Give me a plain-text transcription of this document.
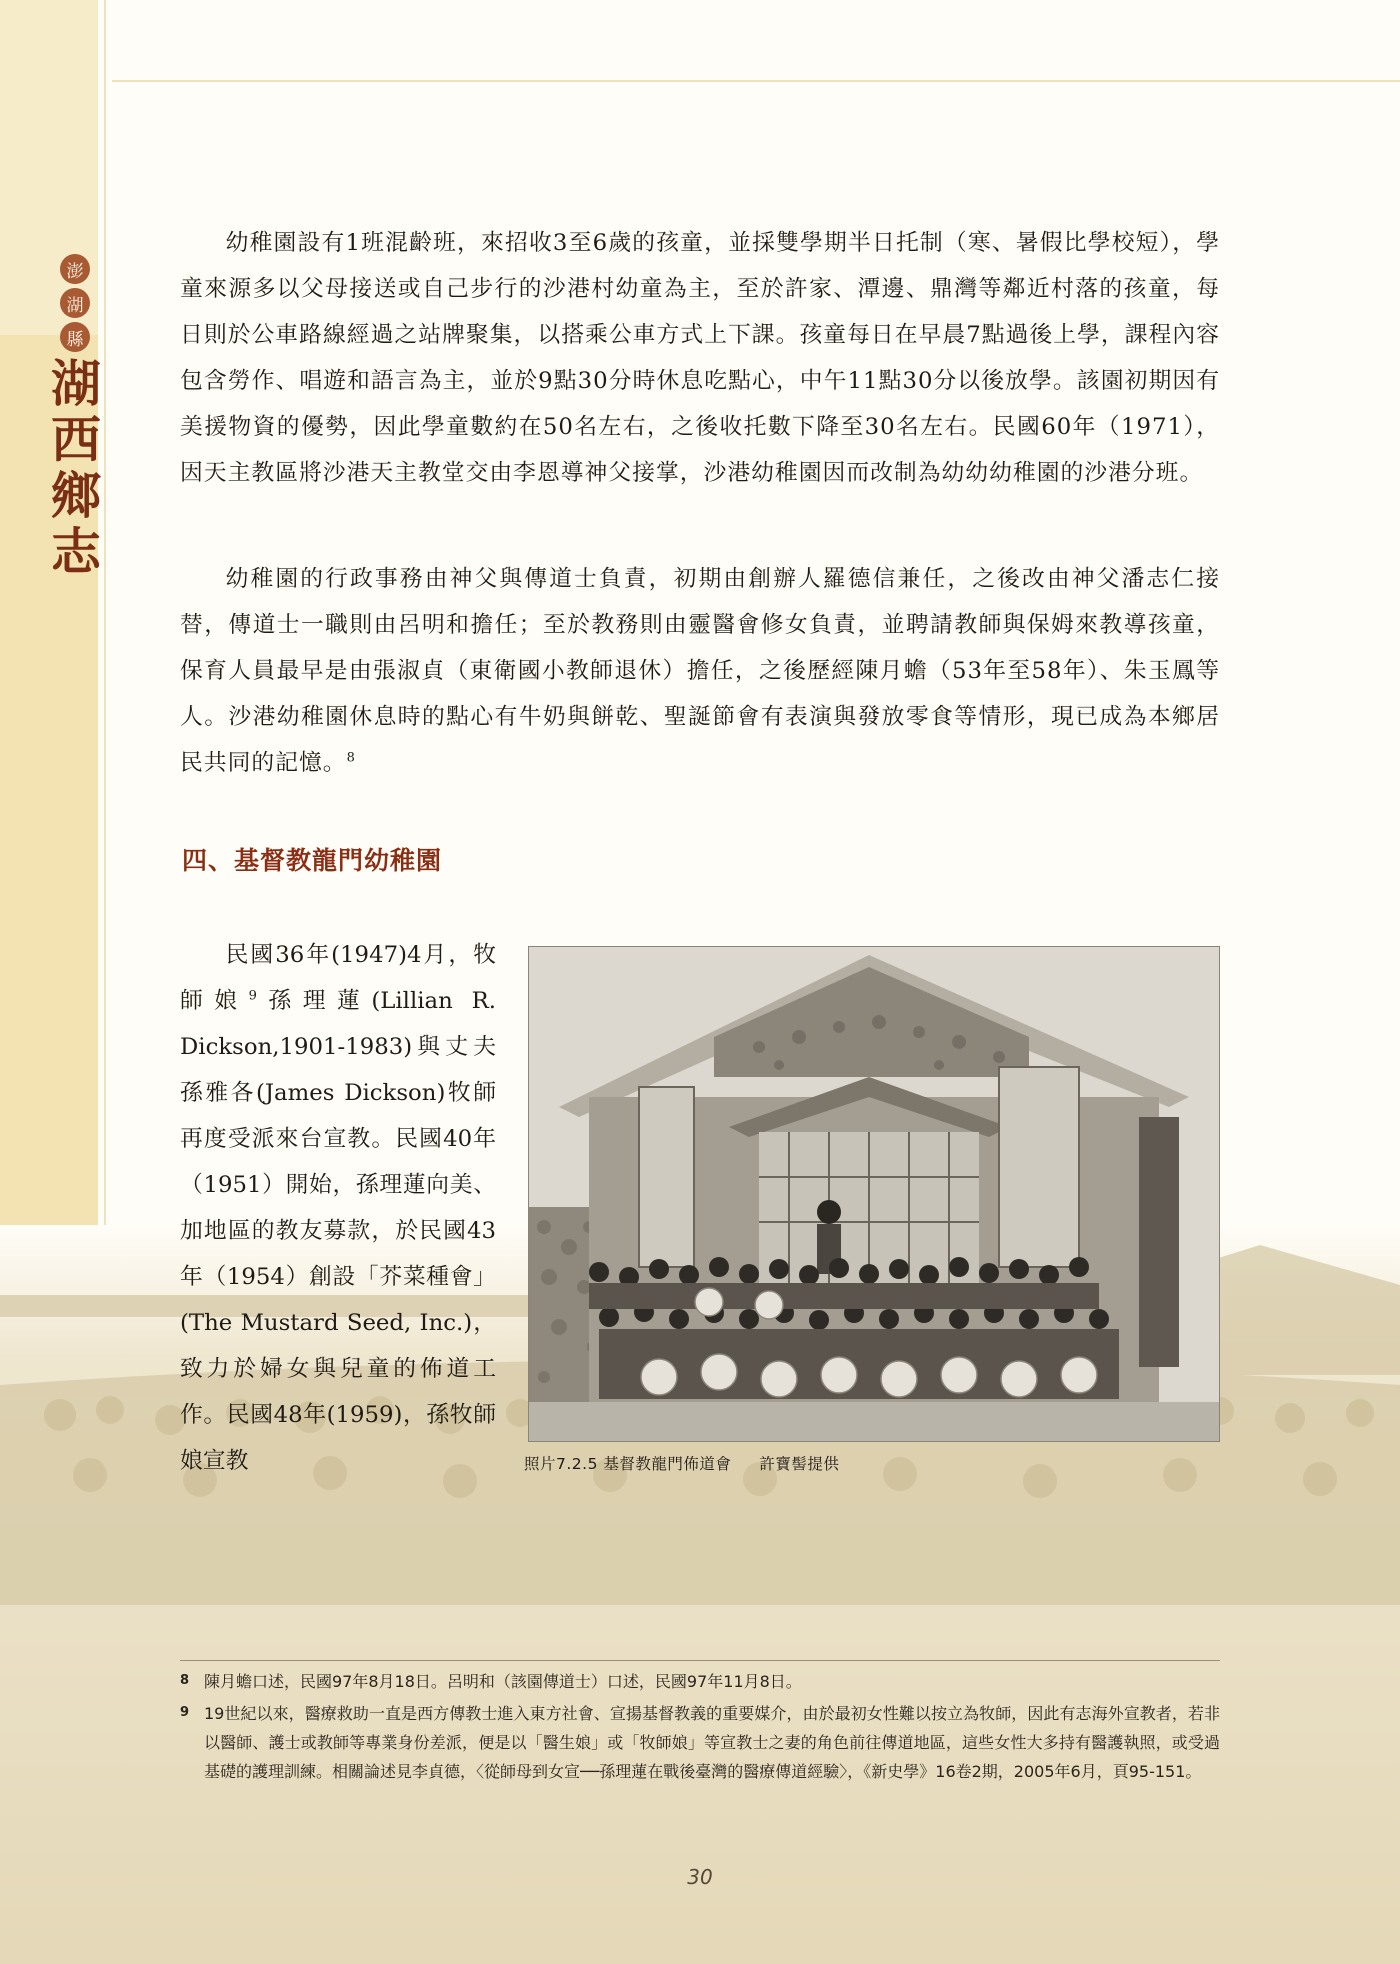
澎
湖
縣
湖
西
鄉
志

幼稚園設有1班混齡班，來招收3至6歲的孩童，並採雙學期半日托制（寒、暑假比學校短），學童來源多以父母接送或自己步行的沙港村幼童為主，至於許家、潭邊、鼎灣等鄰近村落的孩童，每日則於公車路線經過之站牌聚集，以搭乘公車方式上下課。孩童每日在早晨7點過後上學，課程內容包含勞作、唱遊和語言為主，並於9點30分時休息吃點心，中午11點30分以後放學。該園初期因有美援物資的優勢，因此學童數約在50名左右，之後收托數下降至30名左右。民國60年（1971），因天主教區將沙港天主教堂交由李恩導神父接掌，沙港幼稚園因而改制為幼幼幼稚園的沙港分班。

幼稚園的行政事務由神父與傳道士負責，初期由創辦人羅德信兼任，之後改由神父潘志仁接替，傳道士一職則由呂明和擔任；至於教務則由靈醫會修女負責，並聘請教師與保姆來教導孩童，保育人員最早是由張淑貞（東衛國小教師退休）擔任，之後歷經陳月蟾（53年至58年）、朱玉鳳等人。沙港幼稚園休息時的點心有牛奶與餅乾、聖誕節會有表演與發放零食等情形，現已成為本鄉居民共同的記憶。$^8$

四、基督教龍門幼稚園

民國36年(1947)4月，牧師娘$^9$孫理蓮(Lillian R. Dickson,1901-1983)與丈夫孫雅各(James Dickson)牧師再度受派來台宣教。民國40年（1951）開始，孫理蓮向美、加地區的教友募款，於民國43年（1954）創設「芥菜種會」(The Mustard Seed, Inc.)，致力於婦女與兒童的佈道工作。民國48年(1959)，孫牧師娘宣教	照片7.2.5 基督教龍門佈道會 許寶髻提供
8 陳月蟾口述，民國97年8月18日。呂明和（該園傳道士）口述，民國97年11月8日。
9 19世紀以來，醫療救助一直是西方傳教士進入東方社會、宣揚基督教義的重要媒介，由於最初女性難以按立為牧師，因此有志海外宣教者，若非以醫師、護士或教師等專業身份差派，便是以「醫生娘」或「牧師娘」等宣教士之妻的角色前往傳道地區，這些女性大多持有醫護執照，或受過基礎的護理訓練。相關論述見李貞德，〈從師母到女宣──孫理蓮在戰後臺灣的醫療傳道經驗〉，《新史學》16卷2期，2005年6月，頁95-151。
30
